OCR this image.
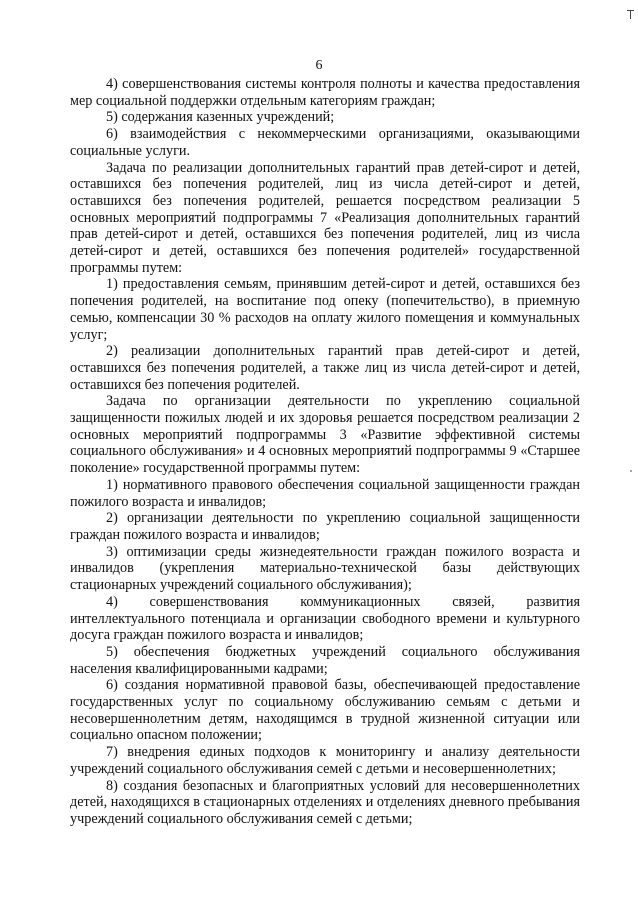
6

4) совершенствования системы контроля полноты и качества предоставления мер социальной поддержки отдельным категориям граждан;

5) содержания казенных учреждений;

6) взаимодействия с некоммерческими организациями, оказывающими социальные услуги.

Задача по реализации дополнительных гарантий прав детей-сирот и детей, оставшихся без попечения родителей, лиц из числа детей-сирот и детей, оставшихся без попечения родителей, решается посредством реализации 5 основных мероприятий подпрограммы 7 «Реализация дополнительных гарантий прав детей-сирот и детей, оставшихся без попечения родителей, лиц из числа детей-сирот и детей, оставшихся без попечения родителей» государственной программы путем:

1) предоставления семьям, принявшим детей-сирот и детей, оставшихся без попечения родителей, на воспитание под опеку (попечительство), в приемную семью, компенсации 30 % расходов на оплату жилого помещения и коммунальных услуг;

2) реализации дополнительных гарантий прав детей-сирот и детей, оставшихся без попечения родителей, а также лиц из числа детей-сирот и детей, оставшихся без попечения родителей.

Задача по организации деятельности по укреплению социальной защищенности пожилых людей и их здоровья решается посредством реализации 2 основных мероприятий подпрограммы 3 «Развитие эффективной системы социального обслуживания» и 4 основных мероприятий подпрограммы 9 «Старшее поколение» государственной программы путем:

1) нормативного правового обеспечения социальной защищенности граждан пожилого возраста и инвалидов;

2) организации деятельности по укреплению социальной защищенности граждан пожилого возраста и инвалидов;

3) оптимизации среды жизнедеятельности граждан пожилого возраста и инвалидов (укрепления материально-технической базы действующих стационарных учреждений социального обслуживания);

4) совершенствования коммуникационных связей, развития интеллектуального потенциала и организации свободного времени и культурного досуга граждан пожилого возраста и инвалидов;

5) обеспечения бюджетных учреждений социального обслуживания населения квалифицированными кадрами;

6) создания нормативной правовой базы, обеспечивающей предоставление государственных услуг по социальному обслуживанию семьям с детьми и несовершеннолетним детям, находящимся в трудной жизненной ситуации или социально опасном положении;

7) внедрения единых подходов к мониторингу и анализу деятельности учреждений социального обслуживания семей с детьми и несовершеннолетних;

8) создания безопасных и благоприятных условий для несовершеннолетних детей, находящихся в стационарных отделениях и отделениях дневного пребывания учреждений социального обслуживания семей с детьми;
